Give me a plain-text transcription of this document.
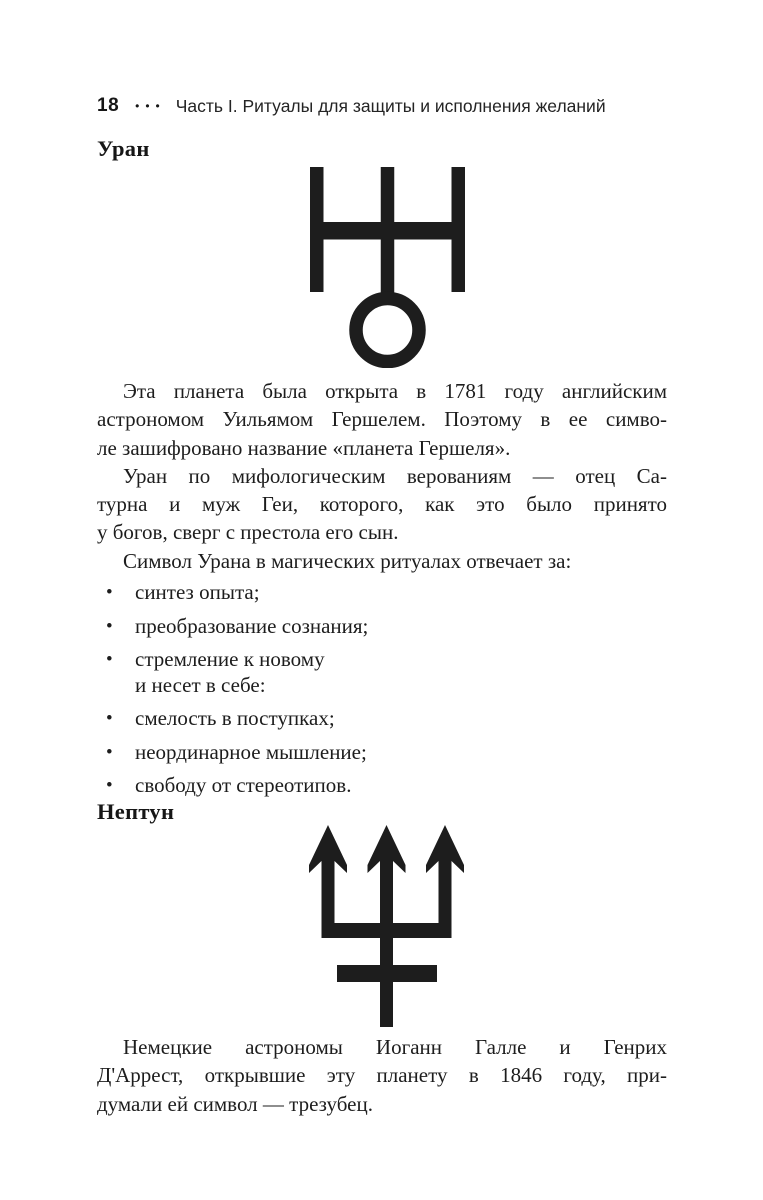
18 ••• Часть I. Ритуалы для защиты и исполнения желаний
Уран
Эта планета была открыта в 1781 году английским
астрономом Уильямом Гершелем. Поэтому в ее симво-
ле зашифровано название «планета Гершеля».
Уран по мифологическим верованиям — отец Са-
турна и муж Геи, которого, как это было принято
у богов, сверг с престола его сын.
Символ Урана в магических ритуалах отвечает за:
•	синтез опыта;
•	преобразование сознания;
•	стремление к новому
и несет в себе:
•	смелость в поступках;
•	неординарное мышление;
•	свободу от стереотипов.
Нептун
Немецкие астрономы Иоганн Галле и Генрих
Д'Аррест, открывшие эту планету в 1846 году, при-
думали ей символ — трезубец.
